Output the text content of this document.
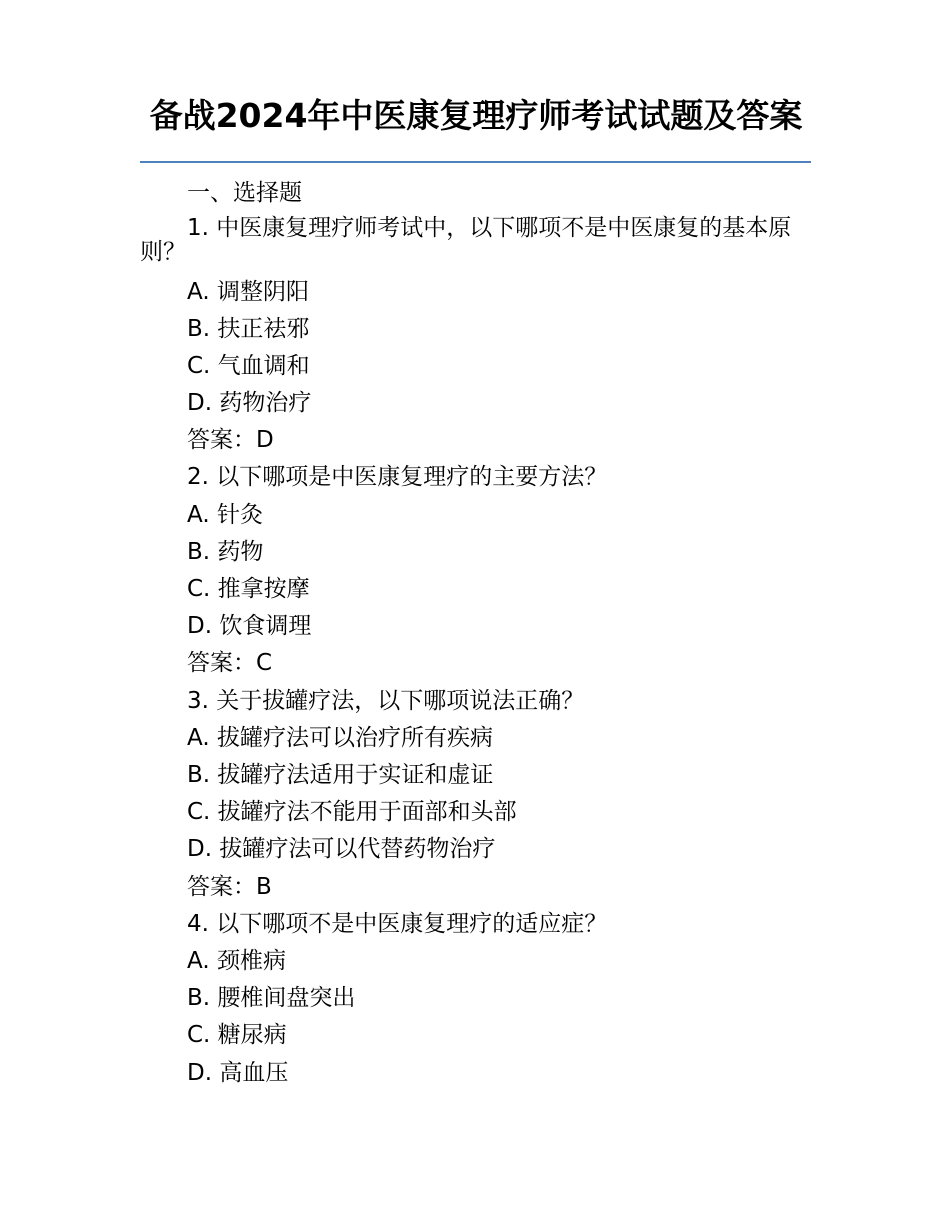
备战2024年中医康复理疗师考试试题及答案
一、选择题
1. 中医康复理疗师考试中，以下哪项不是中医康复的基本原则？
A. 调整阴阳
B. 扶正祛邪
C. 气血调和
D. 药物治疗
答案：D
2. 以下哪项是中医康复理疗的主要方法？
A. 针灸
B. 药物
C. 推拿按摩
D. 饮食调理
答案：C
3. 关于拔罐疗法，以下哪项说法正确？
A. 拔罐疗法可以治疗所有疾病
B. 拔罐疗法适用于实证和虚证
C. 拔罐疗法不能用于面部和头部
D. 拔罐疗法可以代替药物治疗
答案：B
4. 以下哪项不是中医康复理疗的适应症？
A. 颈椎病
B. 腰椎间盘突出
C. 糖尿病
D. 高血压
